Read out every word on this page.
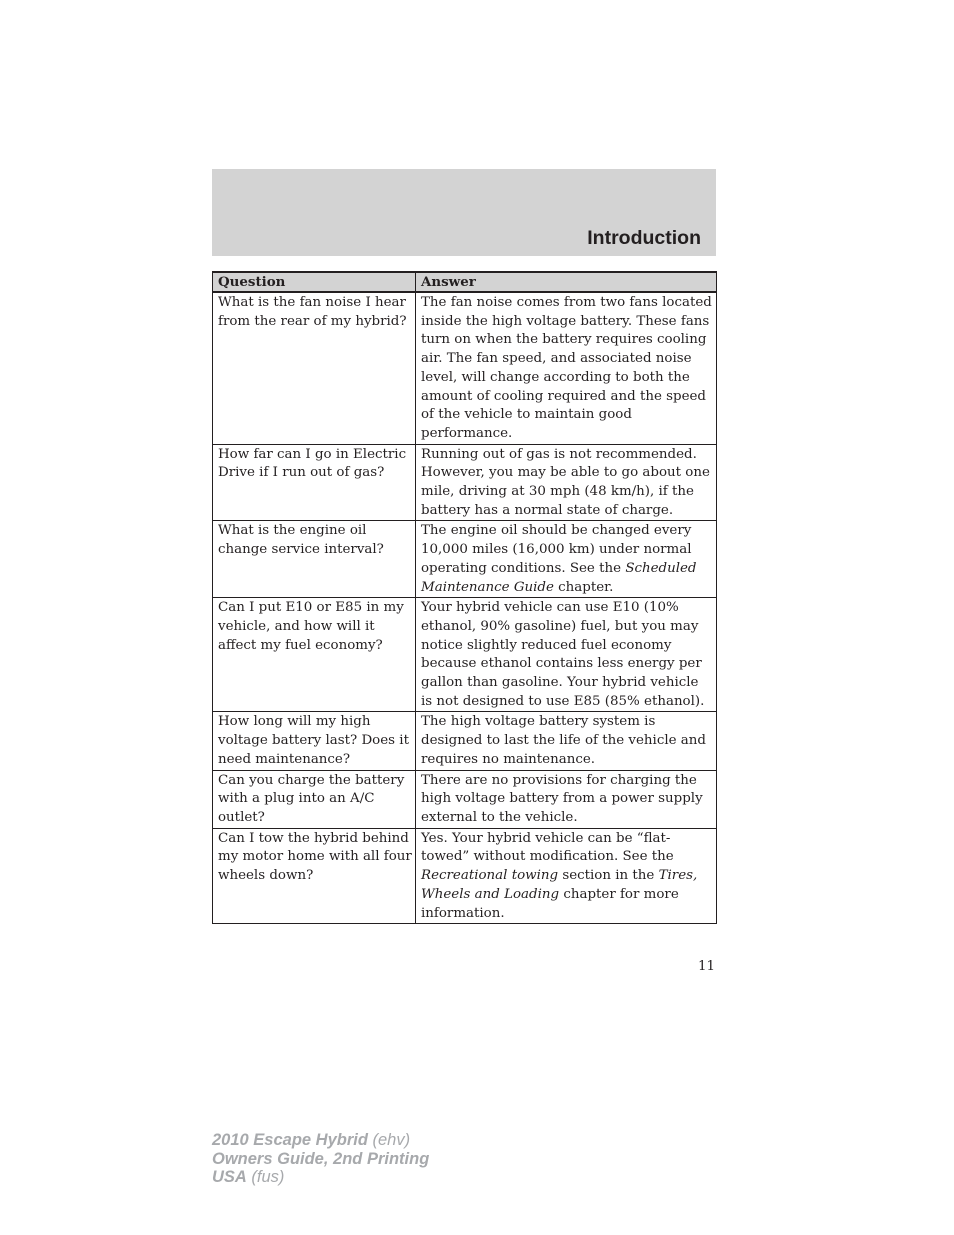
Introduction
Question	Answer
What is the fan noise I hear from the rear of my hybrid?	The fan noise comes from two fans located inside the high voltage battery. These fans turn on when the battery requires cooling air. The fan speed, and associated noise level, will change according to both the amount of cooling required and the speed of the vehicle to maintain good performance.
How far can I go in Electric Drive if I run out of gas?	Running out of gas is not recommended. However, you may be able to go about one mile, driving at 30 mph (48 km/h), if the battery has a normal state of charge.
What is the engine oil change service interval?	The engine oil should be changed every 10,000 miles (16,000 km) under normal operating conditions. See the Scheduled Maintenance Guide chapter.
Can I put E10 or E85 in my vehicle, and how will it affect my fuel economy?	Your hybrid vehicle can use E10 (10% ethanol, 90% gasoline) fuel, but you may notice slightly reduced fuel economy because ethanol contains less energy per gallon than gasoline. Your hybrid vehicle is not designed to use E85 (85% ethanol).
How long will my high voltage battery last? Does it need maintenance?	The high voltage battery system is designed to last the life of the vehicle and requires no maintenance.
Can you charge the battery with a plug into an A/C outlet?	There are no provisions for charging the high voltage battery from a power supply external to the vehicle.
Can I tow the hybrid behind my motor home with all four wheels down?	Yes. Your hybrid vehicle can be “flat-towed” without modification. See the Recreational towing section in the Tires, Wheels and Loading chapter for more information.
11
2010 Escape Hybrid (ehv)
Owners Guide, 2nd Printing
USA (fus)
